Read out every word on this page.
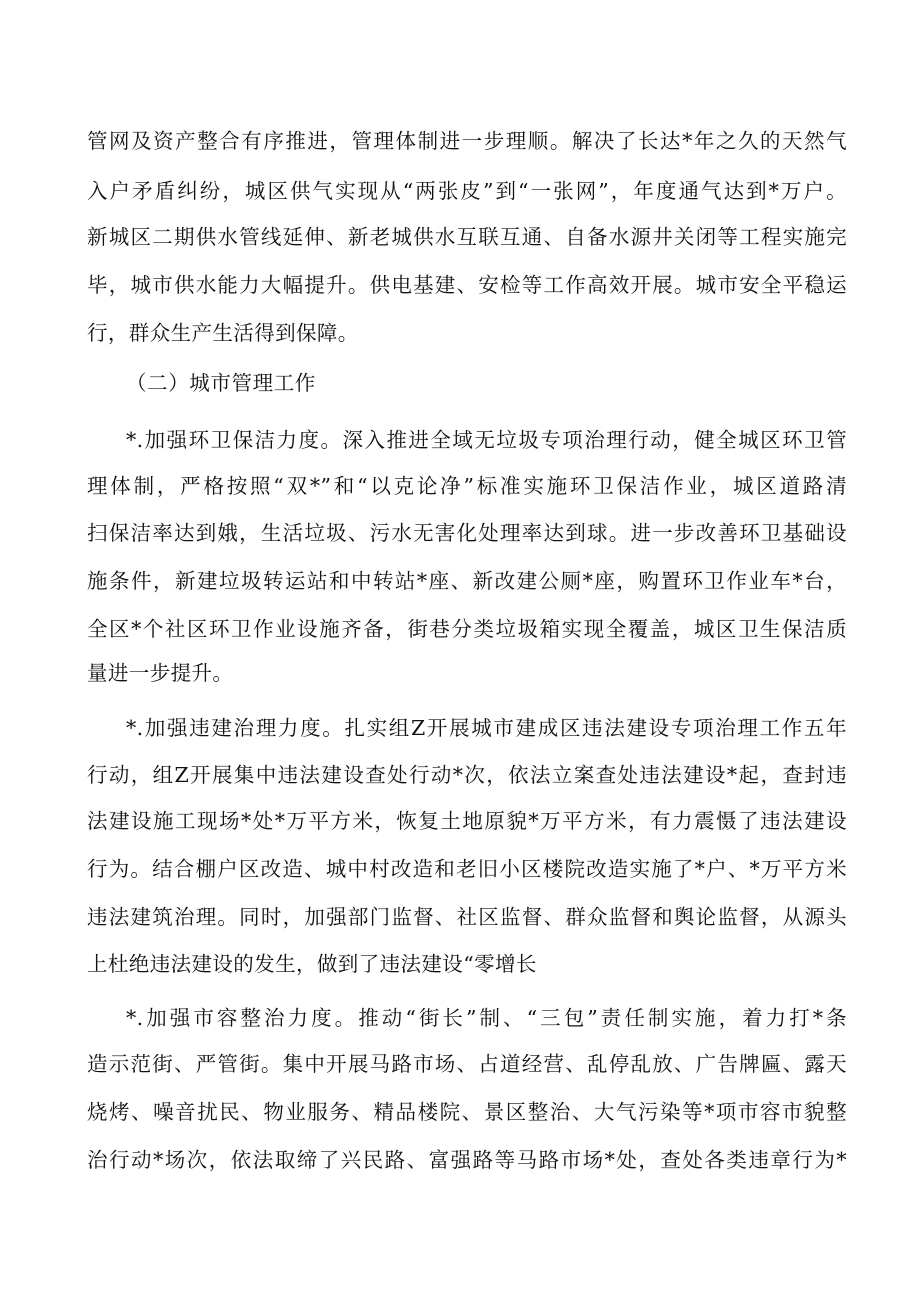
管网及资产整合有序推进，管理体制进一步理顺。解决了长达*年之久的天然气
入户矛盾纠纷，城区供气实现从“两张皮”到“一张网”，年度通气达到*万户。
新城区二期供水管线延伸、新老城供水互联互通、自备水源井关闭等工程实施完
毕，城市供水能力大幅提升。供电基建、安检等工作高效开展。城市安全平稳运
行，群众生产生活得到保障。
（二）城市管理工作
*.加强环卫保洁力度。深入推进全域无垃圾专项治理行动，健全城区环卫管
理体制，严格按照“双*”和“以克论净”标准实施环卫保洁作业，城区道路清
扫保洁率达到娥，生活垃圾、污水无害化处理率达到球。进一步改善环卫基础设
施条件，新建垃圾转运站和中转站*座、新改建公厕*座，购置环卫作业车*台，
全区*个社区环卫作业设施齐备，街巷分类垃圾箱实现全覆盖，城区卫生保洁质
量进一步提升。
*.加强违建治理力度。扎实组Z开展城市建成区违法建设专项治理工作五年
行动，组Z开展集中违法建设查处行动*次，依法立案查处违法建设*起，查封违
法建设施工现场*处*万平方米，恢复土地原貌*万平方米，有力震慑了违法建设
行为。结合棚户区改造、城中村改造和老旧小区楼院改造实施了*户、*万平方米
违法建筑治理。同时，加强部门监督、社区监督、群众监督和舆论监督，从源头
上杜绝违法建设的发生，做到了违法建设“零增长
*.加强市容整治力度。推动“街长”制、“三包”责任制实施，着力打*条
造示范街、严管街。集中开展马路市场、占道经营、乱停乱放、广告牌匾、露天
烧烤、噪音扰民、物业服务、精品楼院、景区整治、大气污染等*项市容市貌整
治行动*场次，依法取缔了兴民路、富强路等马路市场*处，查处各类违章行为*
